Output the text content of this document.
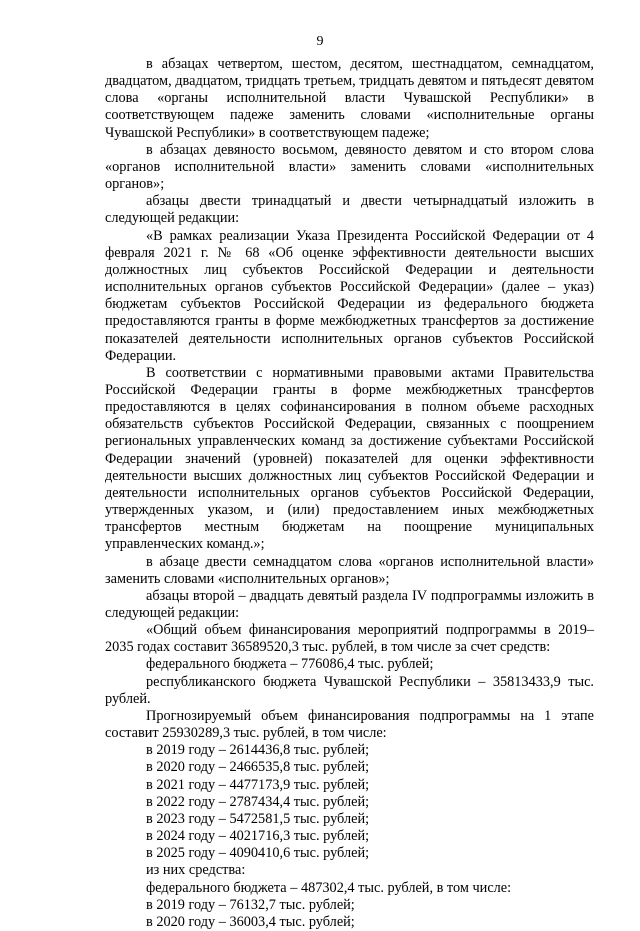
9

в абзацах четвертом, шестом, десятом, шестнадцатом, семнадцатом, двадцатом, двадцатом, тридцать третьем, тридцать девятом и пятьдесят девятом слова «органы исполнительной власти Чувашской Республики» в соответствующем падеже заменить словами «исполнительные органы Чувашской Республики» в соответствующем падеже;

в абзацах девяносто восьмом, девяносто девятом и сто втором слова «органов исполнительной власти» заменить словами «исполнительных органов»;

абзацы двести тринадцатый и двести четырнадцатый изложить в следующей редакции:

«В рамках реализации Указа Президента Российской Федерации от 4 февраля 2021 г. № 68 «Об оценке эффективности деятельности высших должностных лиц субъектов Российской Федерации и деятельности исполнительных органов субъектов Российской Федерации» (далее – указ) бюджетам субъектов Российской Федерации из федерального бюджета предоставляются гранты в форме межбюджетных трансфертов за достижение показателей деятельности исполнительных органов субъектов Российской Федерации.

В соответствии с нормативными правовыми актами Правительства Российской Федерации гранты в форме межбюджетных трансфертов предоставляются в целях софинансирования в полном объеме расходных обязательств субъектов Российской Федерации, связанных с поощрением региональных управленческих команд за достижение субъектами Российской Федерации значений (уровней) показателей для оценки эффективности деятельности высших должностных лиц субъектов Российской Федерации и деятельности исполнительных органов субъектов Российской Федерации, утвержденных указом, и (или) предоставлением иных межбюджетных трансфертов местным бюджетам на поощрение муниципальных управленческих команд.»;

в абзаце двести семнадцатом слова «органов исполнительной власти» заменить словами «исполнительных органов»;

абзацы второй – двадцать девятый раздела IV подпрограммы изложить в следующей редакции:

«Общий объем финансирования мероприятий подпрограммы в 2019–2035 годах составит 36589520,3 тыс. рублей, в том числе за счет средств:

федерального бюджета – 776086,4 тыс. рублей;

республиканского бюджета Чувашской Республики – 35813433,9 тыс. рублей.

Прогнозируемый объем финансирования подпрограммы на 1 этапе составит 25930289,3 тыс. рублей, в том числе:

в 2019 году – 2614436,8 тыс. рублей;

в 2020 году – 2466535,8 тыс. рублей;

в 2021 году – 4477173,9 тыс. рублей;

в 2022 году – 2787434,4 тыс. рублей;

в 2023 году – 5472581,5 тыс. рублей;

в 2024 году – 4021716,3 тыс. рублей;

в 2025 году – 4090410,6 тыс. рублей;

из них средства:

федерального бюджета – 487302,4 тыс. рублей, в том числе:

в 2019 году – 76132,7 тыс. рублей;

в 2020 году – 36003,4 тыс. рублей;
